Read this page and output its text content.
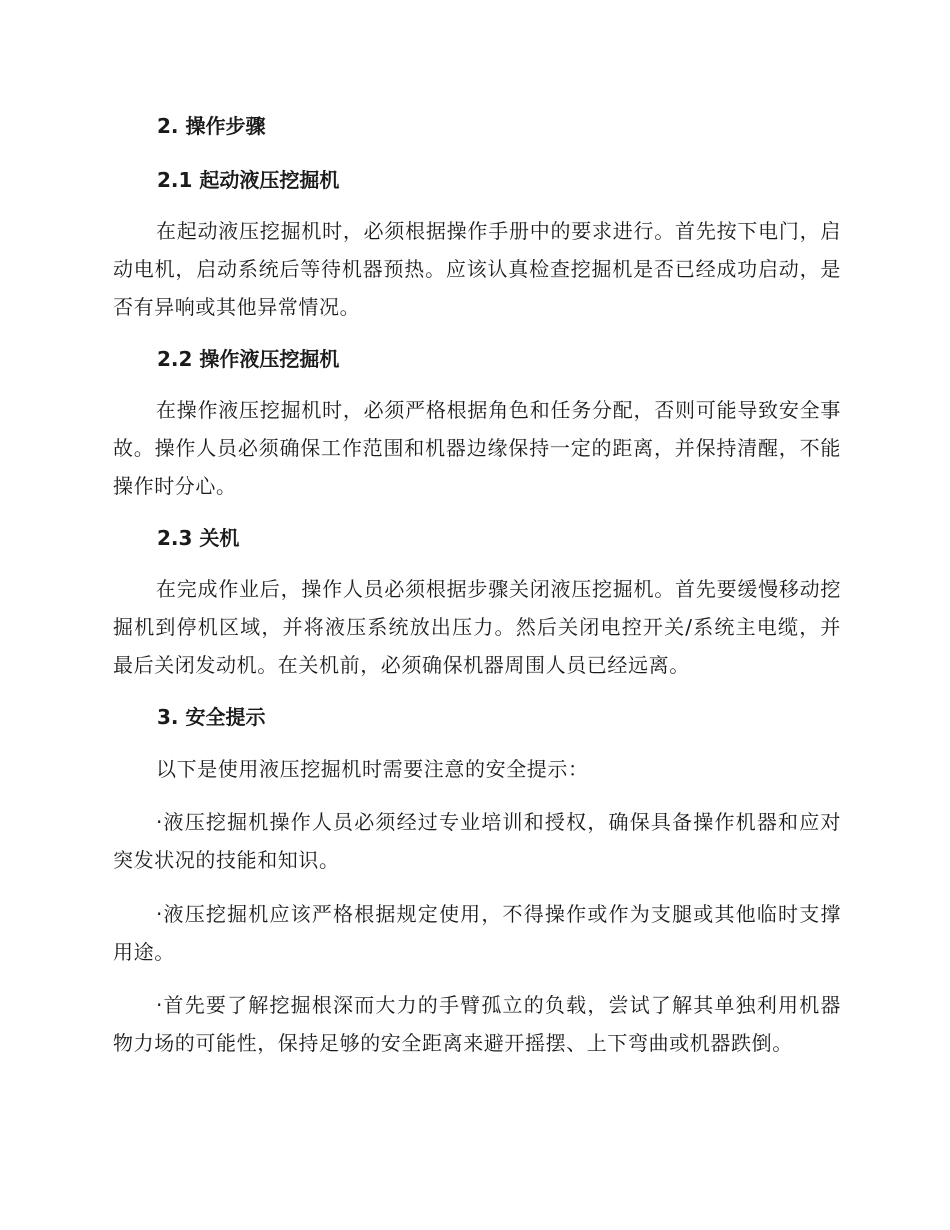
2. 操作步骤
2.1 起动液压挖掘机

在起动液压挖掘机时，必须根据操作手册中的要求进行。首先按下电门，启动电机，启动系统后等待机器预热。应该认真检查挖掘机是否已经成功启动，是否有异响或其他异常情况。

2.2 操作液压挖掘机

在操作液压挖掘机时，必须严格根据角色和任务分配，否则可能导致安全事故。操作人员必须确保工作范围和机器边缘保持一定的距离，并保持清醒，不能操作时分心。

2.3 关机

在完成作业后，操作人员必须根据步骤关闭液压挖掘机。首先要缓慢移动挖掘机到停机区域，并将液压系统放出压力。然后关闭电控开关/系统主电缆，并最后关闭发动机。在关机前，必须确保机器周围人员已经远离。

3. 安全提示

以下是使用液压挖掘机时需要注意的安全提示：

·液压挖掘机操作人员必须经过专业培训和授权，确保具备操作机器和应对突发状况的技能和知识。

·液压挖掘机应该严格根据规定使用，不得操作或作为支腿或其他临时支撑用途。

·首先要了解挖掘根深而大力的手臂孤立的负载，尝试了解其单独利用机器物力场的可能性，保持足够的安全距离来避开摇摆、上下弯曲或机器跌倒。
